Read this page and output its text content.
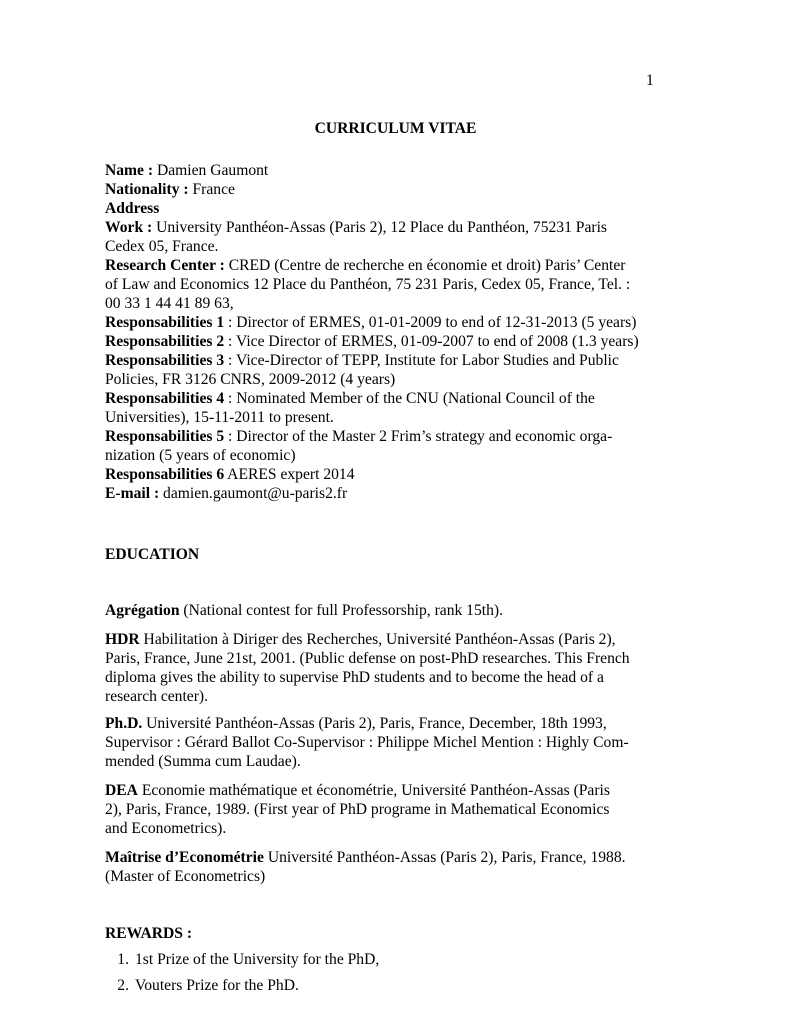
1
CURRICULUM VITAE

Name : Damien Gaumont

Nationality : France

Address

Work : University Panthéon-Assas (Paris 2), 12 Place du Panthéon, 75231 Paris

Cedex 05, France.

Research Center : CRED (Centre de recherche en économie et droit) Paris’ Center

of Law and Economics 12 Place du Panthéon, 75 231 Paris, Cedex 05, France, Tel. :

00 33 1 44 41 89 63,

Responsabilities 1 : Director of ERMES, 01-01-2009 to end of 12-31-2013 (5 years)

Responsabilities 2 : Vice Director of ERMES, 01-09-2007 to end of 2008 (1.3 years)

Responsabilities 3 : Vice-Director of TEPP, Institute for Labor Studies and Public

Policies, FR 3126 CNRS, 2009-2012 (4 years)

Responsabilities 4 : Nominated Member of the CNU (National Council of the

Universities), 15-11-2011 to present.

Responsabilities 5 : Director of the Master 2 Frim’s strategy and economic orga-

nization (5 years of economic)

Responsabilities 6 AERES expert 2014

E-mail : damien.gaumont@u-paris2.fr

EDUCATION

Agrégation (National contest for full Professorship, rank 15th).

HDR Habilitation à Diriger des Recherches, Université Panthéon-Assas (Paris 2),

Paris, France, June 21st, 2001. (Public defense on post-PhD researches. This French

diploma gives the ability to supervise PhD students and to become the head of a

research center).

Ph.D. Université Panthéon-Assas (Paris 2), Paris, France, December, 18th 1993,

Supervisor : Gérard Ballot Co-Supervisor : Philippe Michel Mention : Highly Com-

mended (Summa cum Laudae).

DEA Economie mathématique et économétrie, Université Panthéon-Assas (Paris

2), Paris, France, 1989. (First year of PhD programe in Mathematical Economics

and Econometrics).

Maîtrise d’Econométrie Université Panthéon-Assas (Paris 2), Paris, France, 1988.

(Master of Econometrics)

REWARDS :
1. 1st Prize of the University for the PhD,
2. Vouters Prize for the PhD.
